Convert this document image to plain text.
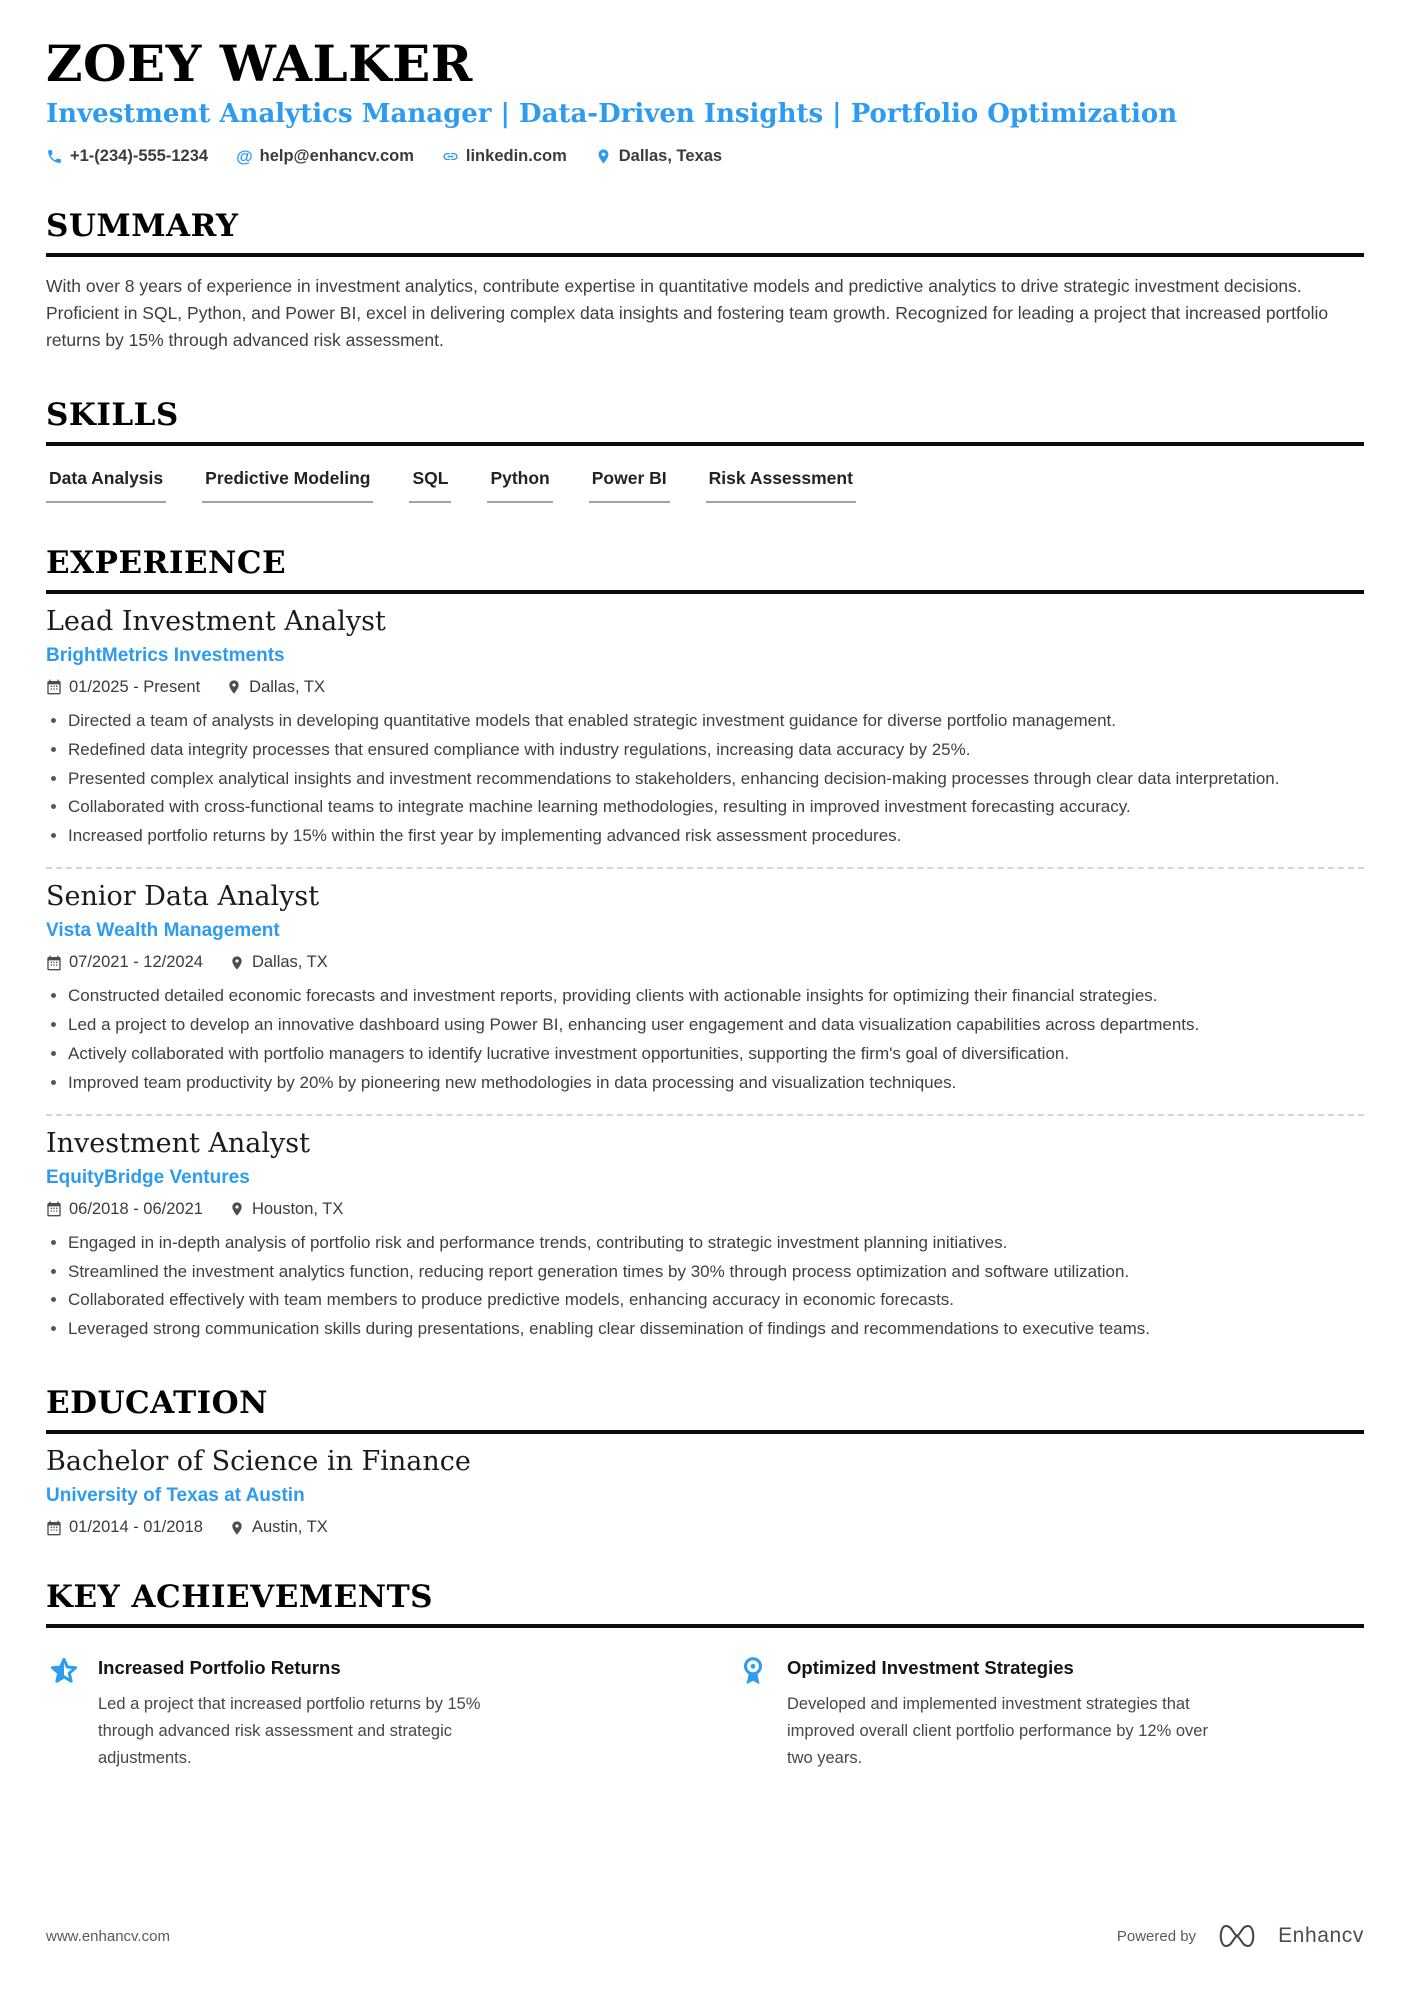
ZOEY WALKER
Investment Analytics Manager | Data-Driven Insights | Portfolio Optimization
+1-(234)-555-1234 @ help@enhancv.com	linkedin.com	Dallas, Texas
SUMMARY

With over 8 years of experience in investment analytics, contribute expertise in quantitative models and predictive analytics to drive strategic investment decisions. Proficient in SQL, Python, and Power BI, excel in delivering complex data insights and fostering team growth. Recognized for leading a project that increased portfolio returns by 15% through advanced risk assessment.

SKILLS
Data Analysis Predictive Modeling SQL Python Power BI Risk Assessment
EXPERIENCE
Lead Investment Analyst
BrightMetrics Investments
01/2025 - Present	Dallas, TX
• Directed a team of analysts in developing quantitative models that enabled strategic investment guidance for diverse portfolio management.
• Redefined data integrity processes that ensured compliance with industry regulations, increasing data accuracy by 25%.
• Presented complex analytical insights and investment recommendations to stakeholders, enhancing decision-making processes through clear data interpretation.
• Collaborated with cross-functional teams to integrate machine learning methodologies, resulting in improved investment forecasting accuracy.
• Increased portfolio returns by 15% within the first year by implementing advanced risk assessment procedures.
Senior Data Analyst
Vista Wealth Management
07/2021 - 12/2024	Dallas, TX
• Constructed detailed economic forecasts and investment reports, providing clients with actionable insights for optimizing their financial strategies.
• Led a project to develop an innovative dashboard using Power BI, enhancing user engagement and data visualization capabilities across departments.
• Actively collaborated with portfolio managers to identify lucrative investment opportunities, supporting the firm's goal of diversification.
• Improved team productivity by 20% by pioneering new methodologies in data processing and visualization techniques.
Investment Analyst
EquityBridge Ventures
06/2018 - 06/2021	Houston, TX
• Engaged in in-depth analysis of portfolio risk and performance trends, contributing to strategic investment planning initiatives.
• Streamlined the investment analytics function, reducing report generation times by 30% through process optimization and software utilization.
• Collaborated effectively with team members to produce predictive models, enhancing accuracy in economic forecasts.
• Leveraged strong communication skills during presentations, enabling clear dissemination of findings and recommendations to executive teams.
EDUCATION
Bachelor of Science in Finance
University of Texas at Austin
01/2014 - 01/2018	Austin, TX
KEY ACHIEVEMENTS
Increased Portfolio Returns

Led a project that increased portfolio returns by 15% through advanced risk assessment and strategic adjustments.

Optimized Investment Strategies

Developed and implemented investment strategies that improved overall client portfolio performance by 12% over two years.

www.enhancv.com	Powered by	Enhancv
